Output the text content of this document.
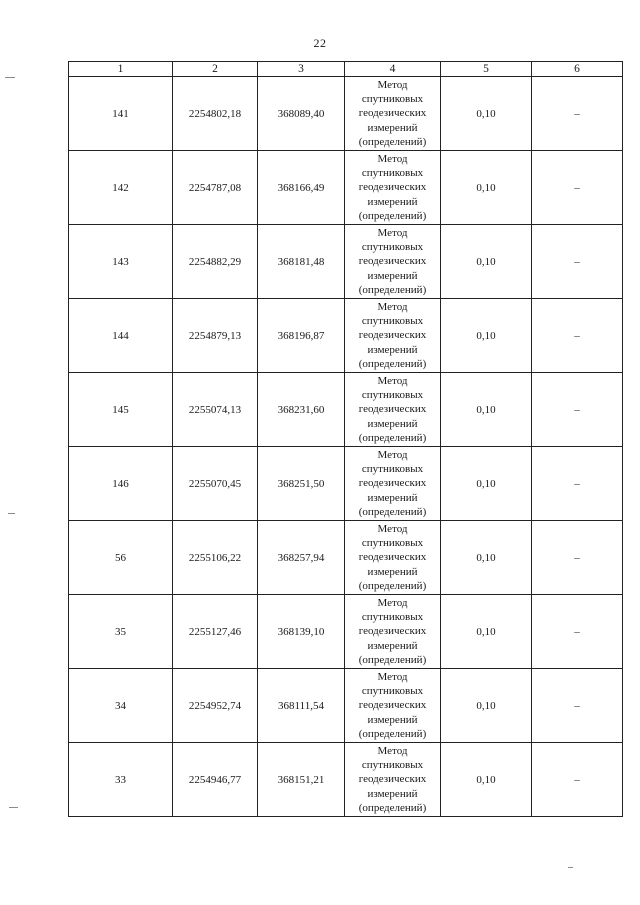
22
1	2	3	4	5	6
141	2254802,18	368089,40	Метод
спутниковых
геодезических
измерений
(определений)	0,10	–
142	2254787,08	368166,49	Метод
спутниковых
геодезических
измерений
(определений)	0,10	–
143	2254882,29	368181,48	Метод
спутниковых
геодезических
измерений
(определений)	0,10	–
144	2254879,13	368196,87	Метод
спутниковых
геодезических
измерений
(определений)	0,10	–
145	2255074,13	368231,60	Метод
спутниковых
геодезических
измерений
(определений)	0,10	–
146	2255070,45	368251,50	Метод
спутниковых
геодезических
измерений
(определений)	0,10	–
56	2255106,22	368257,94	Метод
спутниковых
геодезических
измерений
(определений)	0,10	–
35	2255127,46	368139,10	Метод
спутниковых
геодезических
измерений
(определений)	0,10	–
34	2254952,74	368111,54	Метод
спутниковых
геодезических
измерений
(определений)	0,10	–
33	2254946,77	368151,21	Метод
спутниковых
геодезических
измерений
(определений)	0,10	–
